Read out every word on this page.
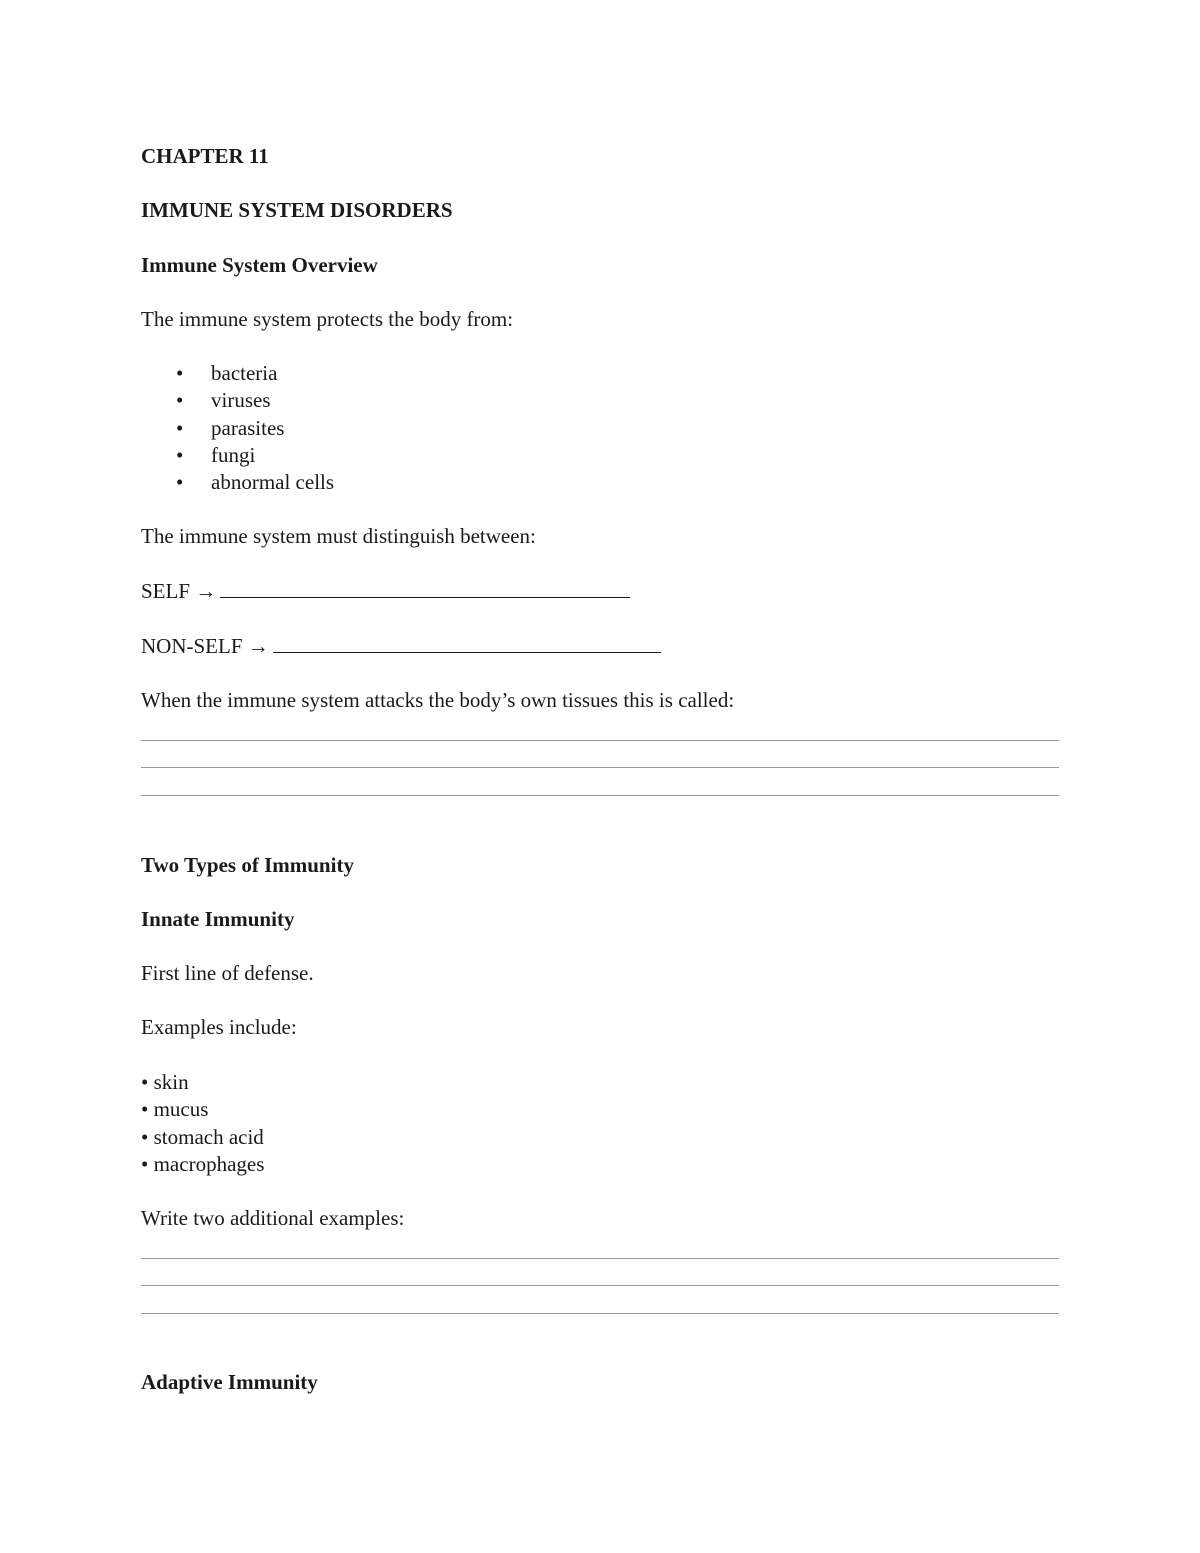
CHAPTER 11
IMMUNE SYSTEM DISORDERS
Immune System Overview
The immune system protects the body from:
• bacteria
• viruses
• parasites
• fungi
• abnormal cells
The immune system must distinguish between:
SELF →
NON-SELF →
When the immune system attacks the body’s own tissues this is called:
Two Types of Immunity
Innate Immunity
First line of defense.
Examples include:
• skin
• mucus
• stomach acid
• macrophages
Write two additional examples:
Adaptive Immunity
